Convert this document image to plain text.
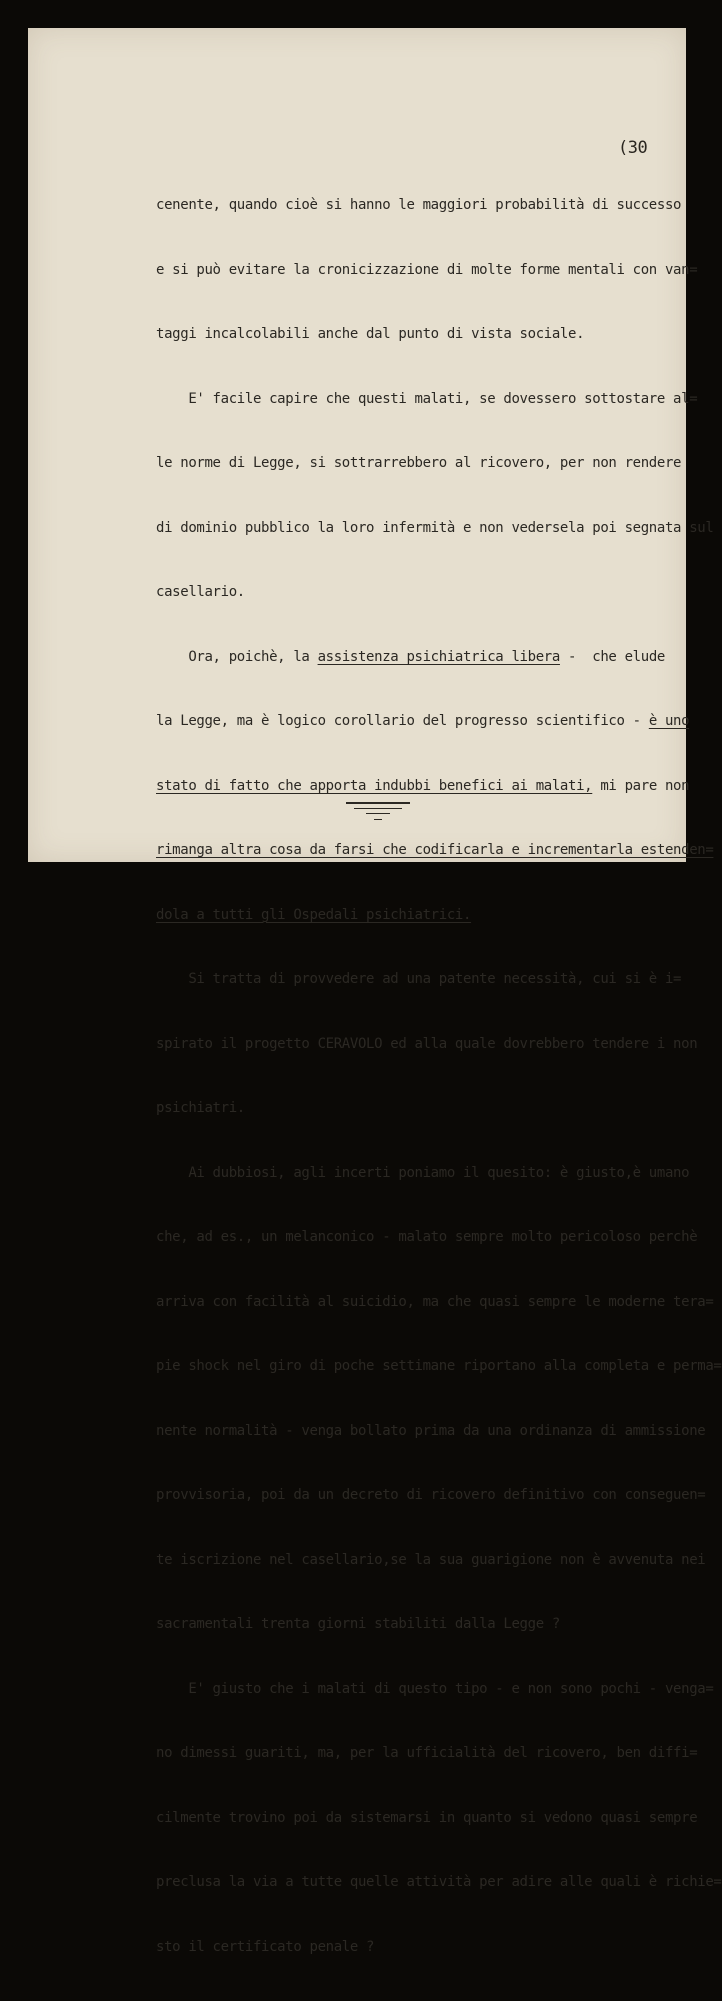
(30

cenente, quando cioè si hanno le maggiori probabilità di successo

e si può evitare la cronicizzazione di molte forme mentali con van=

taggi incalcolabili anche dal punto di vista sociale.

E' facile capire che questi malati, se dovessero sottostare al=

le norme di Legge, si sottrarrebbero al ricovero, per non rendere

di dominio pubblico la loro infermità e non vedersela poi segnata sul

casellario.

Ora, poichè, la assistenza psichiatrica libera -  che elude

la Legge, ma è logico corollario del progresso scientifico - è uno

stato di fatto che apporta indubbi benefici ai malati, mi pare non

rimanga altra cosa da farsi che codificarla e incrementarla estenden=

dola a tutti gli Ospedali psichiatrici.

Si tratta di provvedere ad una patente necessità, cui si è i=

spirato il progetto CERAVOLO ed alla quale dovrebbero tendere i non

psichiatri.

Ai dubbiosi, agli incerti poniamo il quesito: è giusto,è umano

che, ad es., un melanconico - malato sempre molto pericoloso perchè

arriva con facilità al suicidio, ma che quasi sempre le moderne tera=

pie shock nel giro di poche settimane riportano alla completa e perma=

nente normalità - venga bollato prima da una ordinanza di ammissione

provvisoria, poi da un decreto di ricovero definitivo con conseguen=

te iscrizione nel casellario,se la sua guarigione non è avvenuta nei

sacramentali trenta giorni stabiliti dalla Legge ?

E' giusto che i malati di questo tipo - e non sono pochi - venga=

no dimessi guariti, ma, per la ufficialità del ricovero, ben diffi=

cilmente trovino poi da sistemarsi in quanto si vedono quasi sempre

preclusa la via a tutte quelle attività per adire alle quali è richie=

sto il certificato penale ?
